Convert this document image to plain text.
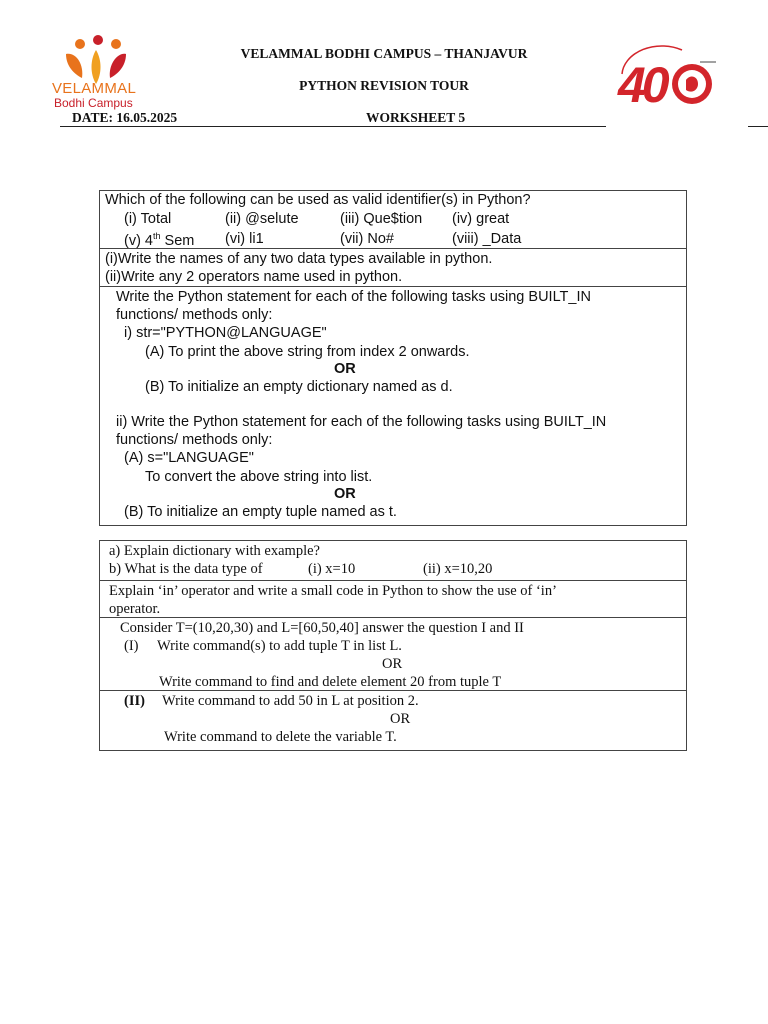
VELAMMAL
Bodhi Campus	40
VELAMMAL BODHI CAMPUS – THANJAVUR
PYTHON REVISION TOUR
DATE: 16.05.2025	WORKSHEET 5
Which of the following can be used as valid identifier(s) in Python?
(i) Total	(ii) @selute	(iii) Que$tion (iv) great
(v) 4th Sem (vi) li1	(vii) No#	(viii) _Data
(i)Write the names of any two data types available in python.
(ii)Write any 2 operators name used in python.
Write the Python statement for each of the following tasks using BUILT_IN
functions/ methods only:
i) str="PYTHON@LANGUAGE"
(A) To print the above string from index 2 onwards.
OR
(B) To initialize an empty dictionary named as d.
ii) Write the Python statement for each of the following tasks using BUILT_IN
functions/ methods only:
(A) s="LANGUAGE"
To convert the above string into list.
OR
(B) To initialize an empty tuple named as t.
a) Explain dictionary with example?
b) What is the data type of	(i) x=10	(ii) x=10,20
Explain ‘in’ operator and write a small code in Python to show the use of ‘in’
operator.
Consider T=(10,20,30) and L=[60,50,40] answer the question I and II
(I) Write command(s) to add tuple T in list L.
OR
Write command to find and delete element 20 from tuple T
(II) Write command to add 50 in L at position 2.
OR
Write command to delete the variable T.
